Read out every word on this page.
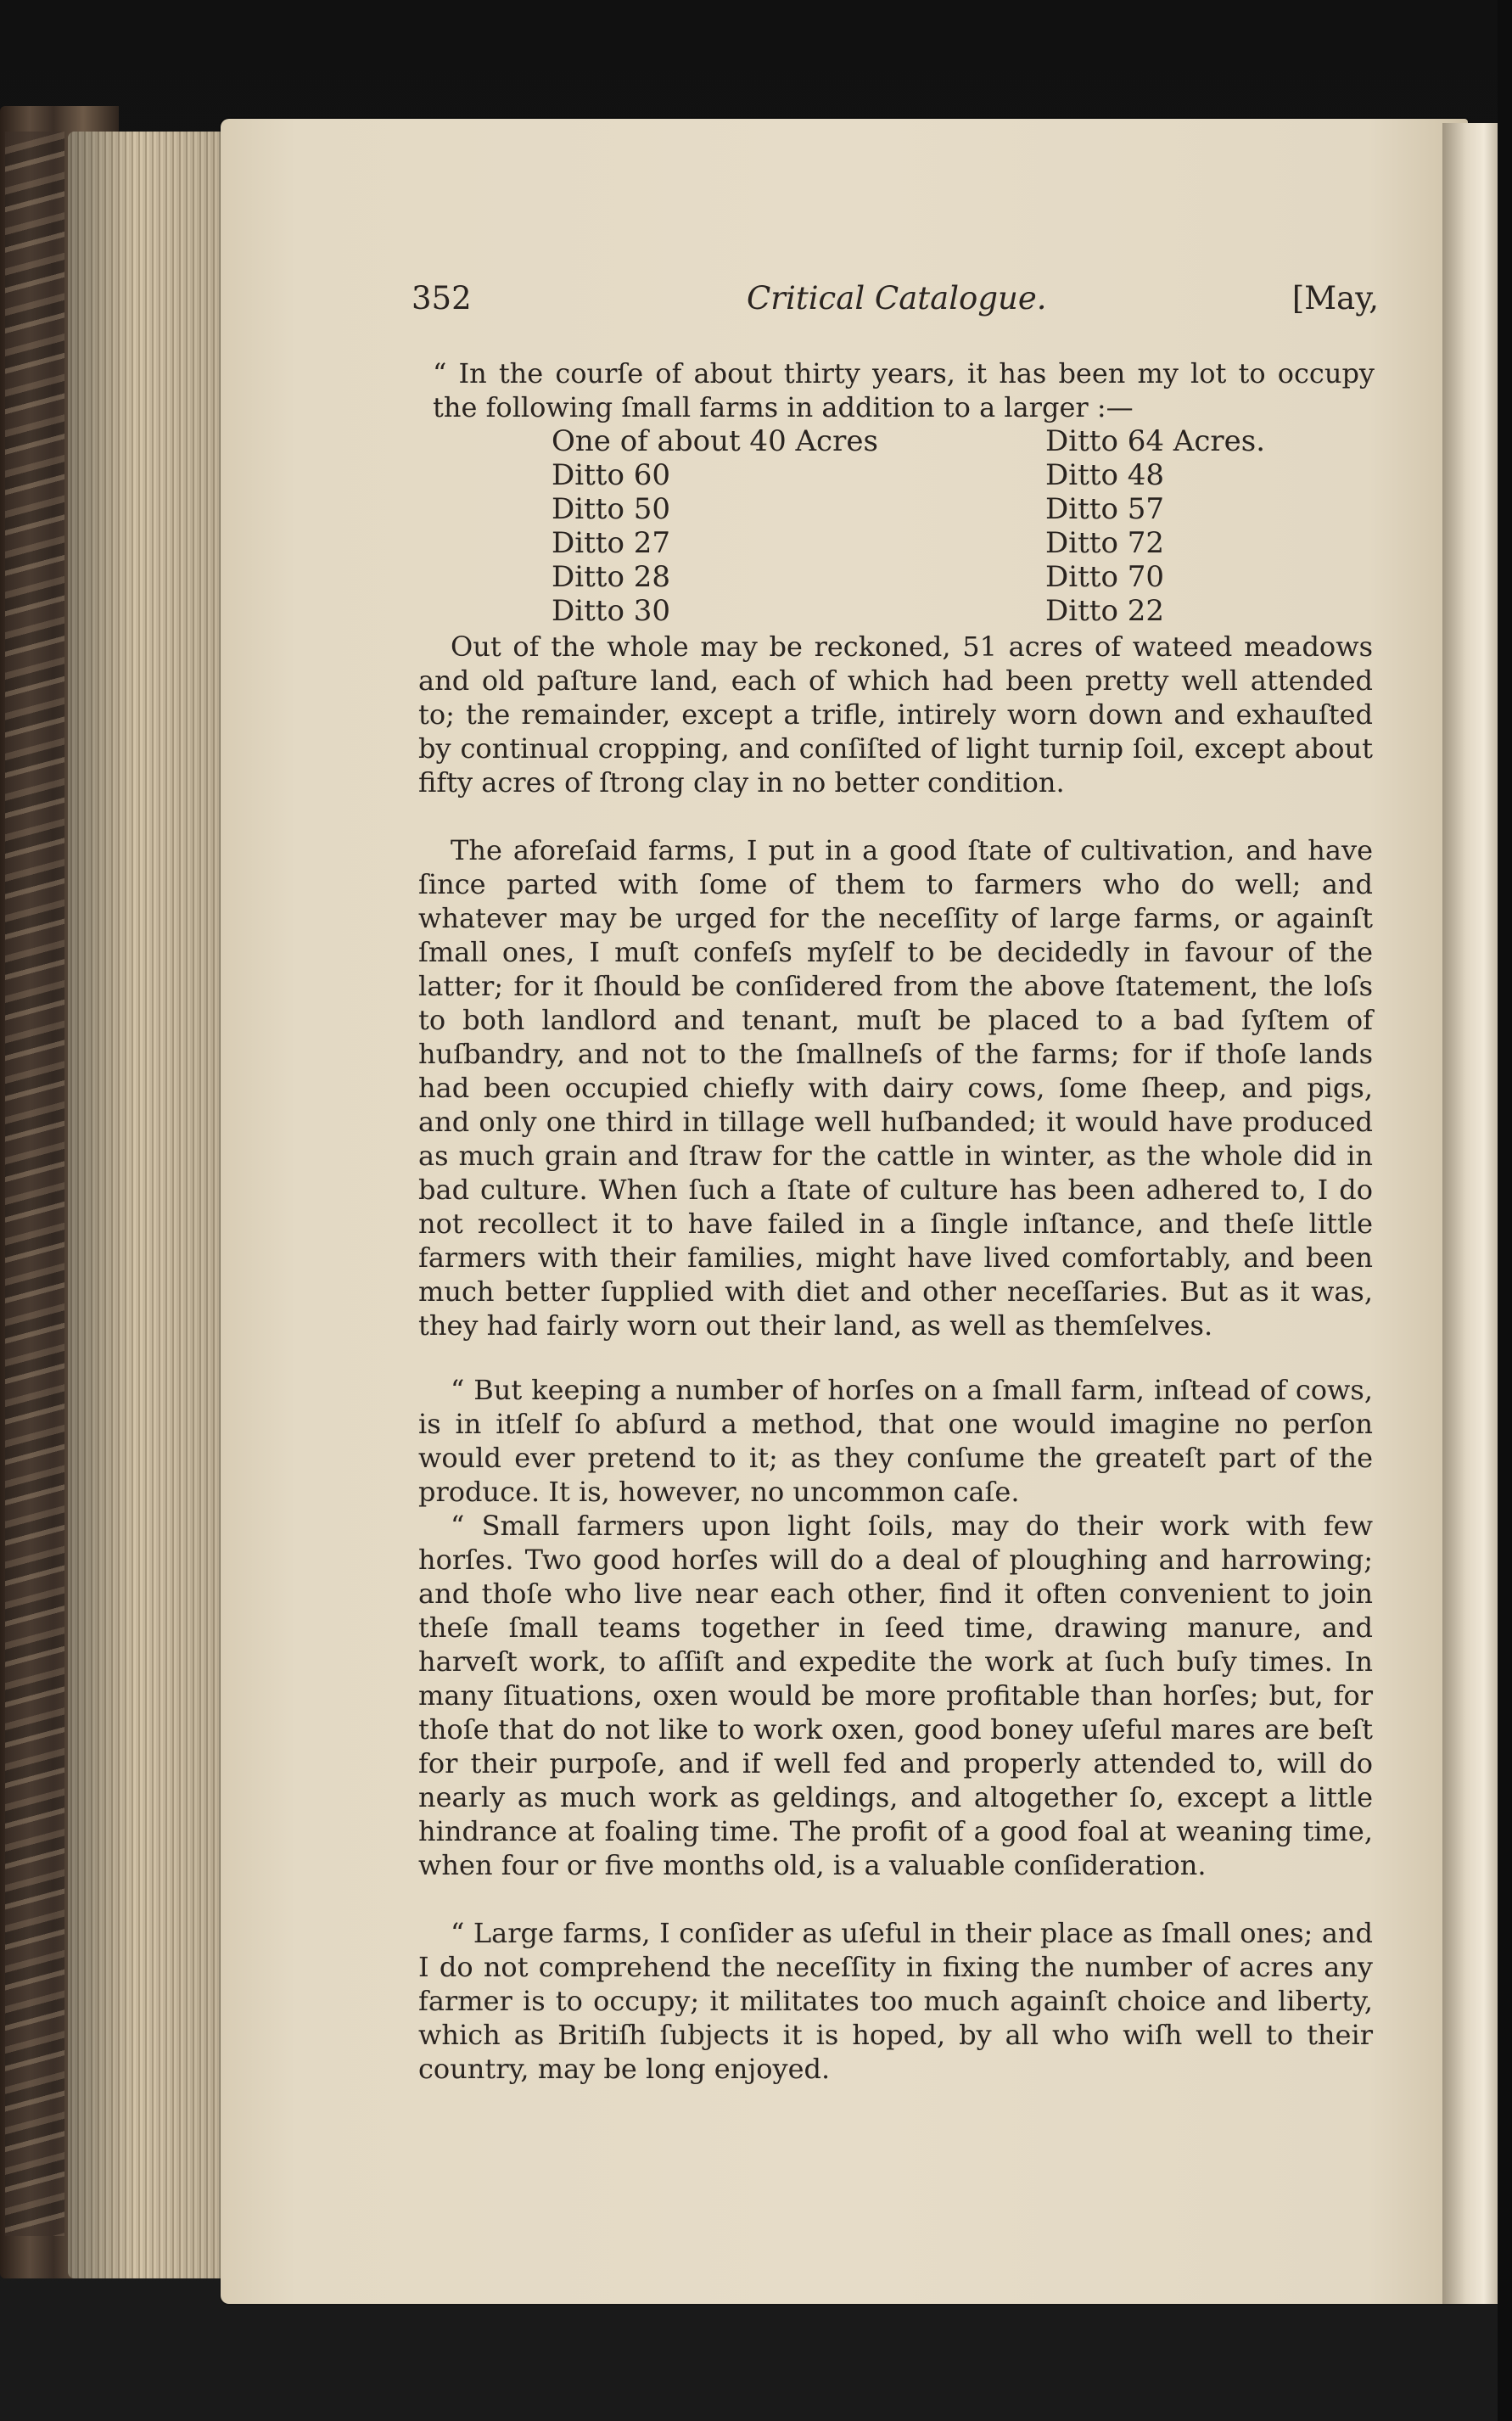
352	Critical Catalogue.	[May,
“ In the courſe of about thirty years, it has been my lot to occupy the following ſmall farms in addition to a larger :—
One of about 40 Acres	Ditto 64 Acres.
Ditto 60	Ditto 48
Ditto 50	Ditto 57
Ditto 27	Ditto 72
Ditto 28	Ditto 70
Ditto 30	Ditto 22
Out of the whole may be reckoned, 51 acres of wateed meadows and old paſture land, each of which had been pretty well attended to; the remainder, except a trifle, intirely worn down and exhauſted by continual cropping, and conſiſted of light turnip ſoil, except about fifty acres of ſtrong clay in no better condition.
The aforeſaid farms, I put in a good ſtate of cultivation, and have ſince parted with ſome of them to farmers who do well; and whatever may be urged for the neceſſity of large farms, or againſt ſmall ones, I muſt confeſs myſelf to be decidedly in favour of the latter; for it ſhould be conſidered from the above ſtatement, the loſs to both landlord and tenant, muſt be placed to a bad ſyſtem of huſbandry, and not to the ſmallneſs of the farms; for if thoſe lands had been occupied chiefly with dairy cows, ſome ſheep, and pigs, and only one third in tillage well huſbanded; it would have produced as much grain and ſtraw for the cattle in winter, as the whole did in bad culture. When ſuch a ſtate of culture has been adhered to, I do not recollect it to have failed in a ſingle inſtance, and theſe little farmers with their families, might have lived comfortably, and been much better ſupplied with diet and other neceſſaries. But as it was, they had fairly worn out their land, as well as themſelves.
“ But keeping a number of horſes on a ſmall farm, inſtead of cows, is in itſelf ſo abſurd a method, that one would imagine no perſon would ever pretend to it; as they conſume the greateſt part of the produce. It is, however, no uncommon caſe.
“ Small farmers upon light ſoils, may do their work with few horſes. Two good horſes will do a deal of ploughing and harrowing; and thoſe who live near each other, find it often convenient to join theſe ſmall teams together in ſeed time, drawing manure, and harveſt work, to aſſiſt and expedite the work at ſuch buſy times. In many ſituations, oxen would be more profitable than horſes; but, for thoſe that do not like to work oxen, good boney uſeful mares are beſt for their purpoſe, and if well fed and properly attended to, will do nearly as much work as geldings, and altogether ſo, except a little hindrance at foaling time. The profit of a good foal at weaning time, when four or five months old, is a valuable conſideration.
“ Large farms, I conſider as uſeful in their place as ſmall ones; and I do not comprehend the neceſſity in fixing the number of acres any farmer is to occupy; it militates too much againſt choice and liberty, which as Britiſh ſubjects it is hoped, by all who wiſh well to their country, may be long enjoyed.
